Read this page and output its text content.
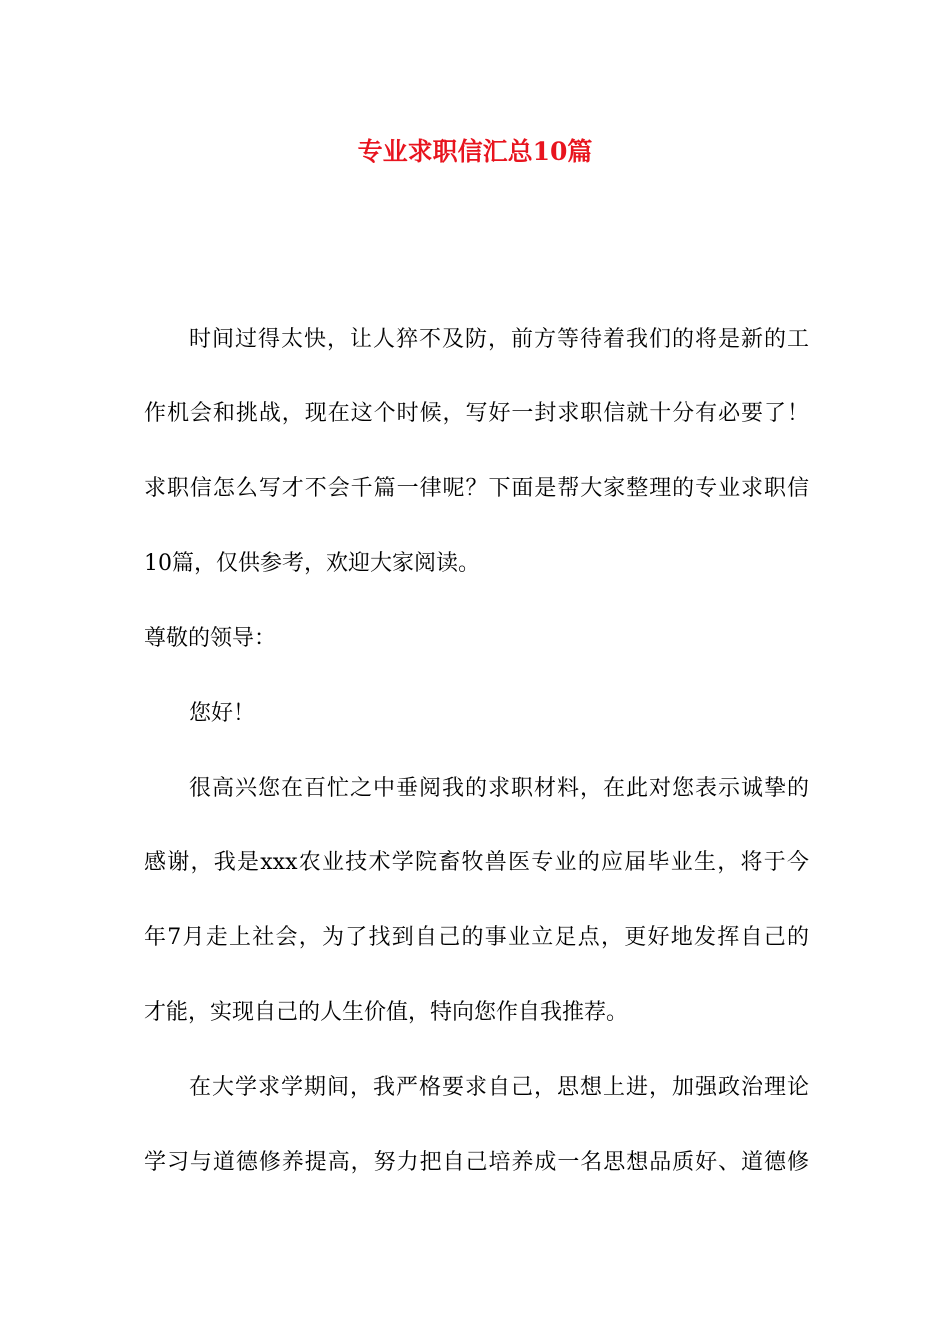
专业求职信汇总10篇
时间过得太快，让人猝不及防，前方等待着我们的将是新的工
作机会和挑战，现在这个时候，写好一封求职信就十分有必要了！
求职信怎么写才不会千篇一律呢？下面是帮大家整理的专业求职信
10篇，仅供参考，欢迎大家阅读。
尊敬的领导：
您好！
很高兴您在百忙之中垂阅我的求职材料，在此对您表示诚挚的
感谢，我是xxx农业技术学院畜牧兽医专业的应届毕业生，将于今
年7月走上社会，为了找到自己的事业立足点，更好地发挥自己的
才能，实现自己的人生价值，特向您作自我推荐。
在大学求学期间，我严格要求自己，思想上进，加强政治理论
学习与道德修养提高，努力把自己培养成一名思想品质好、道德修
